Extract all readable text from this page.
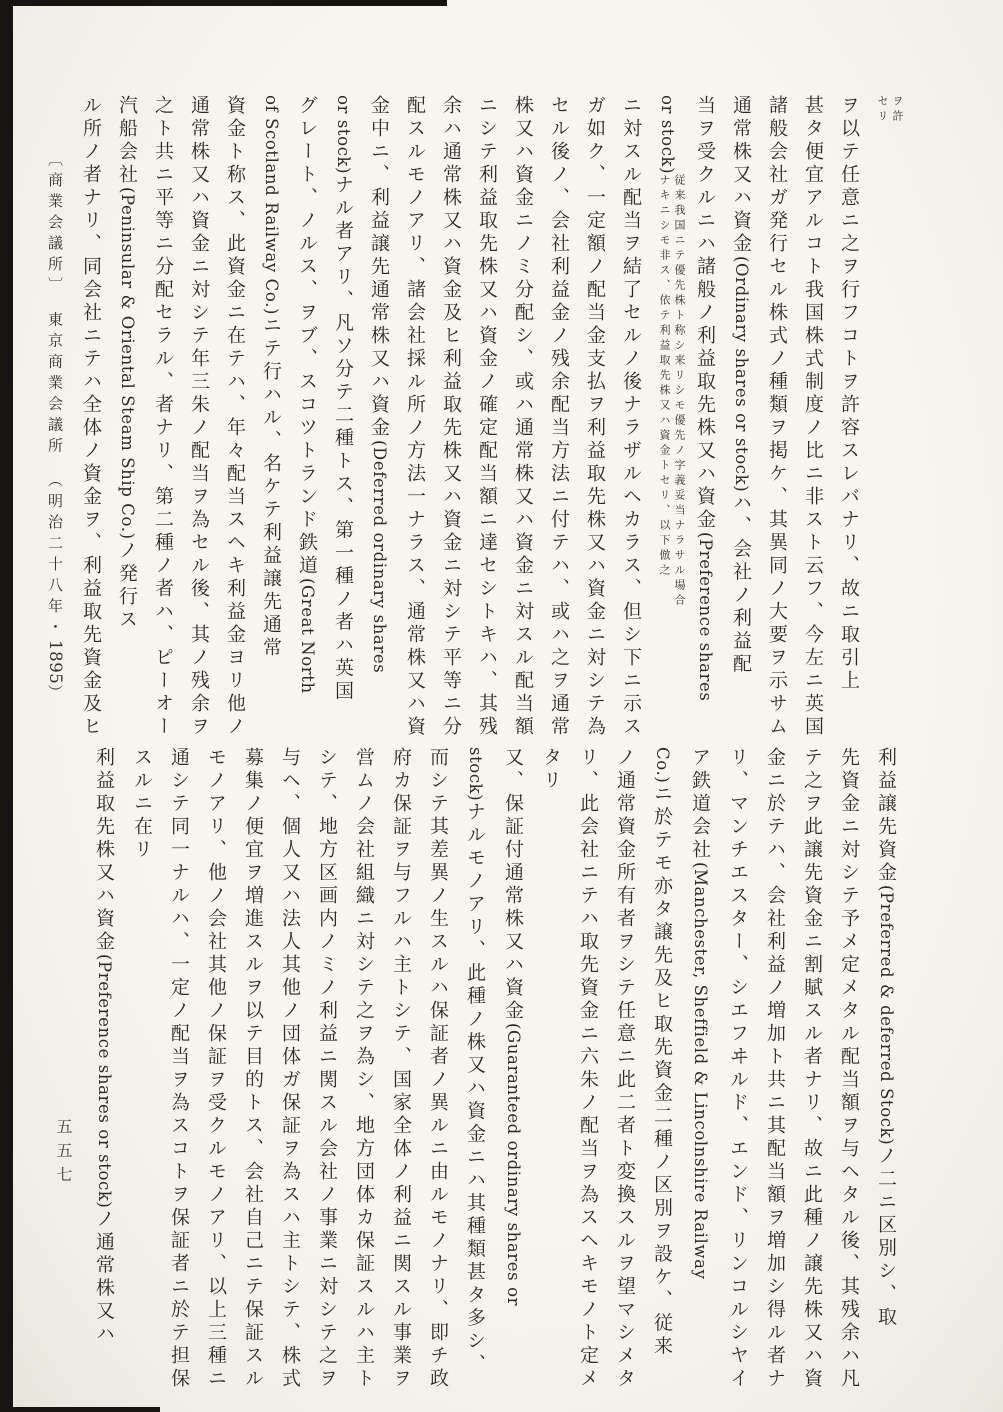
ヲ許セリ

ヲ以テ任意ニ之ヲ行フコトヲ許容スレバナリ、故ニ取引上

甚タ便宜アルコト我国株式制度ノ比ニ非スト云フ、今左ニ英国

諸般会社ガ発行セル株式ノ種類ヲ掲ケ、其異同ノ大要ヲ示サム

通常株又ハ資金(Ordinary shares or stock)ハ、会社ノ利益配

当ヲ受クルニハ諸般ノ利益取先株又ハ資金(Preference shares

or stock)従来我国ニテ優先株ト称シ来リシモ優先ノ字義妥当ナラサル場合ナキニシモ非ス、依テ利益取先株又ハ資金トセリ、以下倣之

ニ対スル配当ヲ結了セルノ後ナラザルヘカラス、但シ下ニ示ス

ガ如ク、一定額ノ配当金支払ヲ利益取先株又ハ資金ニ対シテ為

セル後ノ、会社利益金ノ残余配当方法ニ付テハ、或ハ之ヲ通常

株又ハ資金ニノミ分配シ、或ハ通常株又ハ資金ニ対スル配当額

ニシテ利益取先株又ハ資金ノ確定配当額ニ達セシトキハ、其残

余ハ通常株又ハ資金及ヒ利益取先株又ハ資金ニ対シテ平等ニ分

配スルモノアリ、諸会社採ル所ノ方法一ナラス、通常株又ハ資

金中ニ、利益譲先通常株又ハ資金(Deferred ordinary shares

or stock)ナル者アリ、凡ソ分テ二種トス、第一種ノ者ハ英国

グレート、ノルス、ヲブ、スコツトランド鉄道(Great North

of Scotland Railway Co.)ニテ行ハル、名ケテ利益譲先通常

資金ト称ス、此資金ニ在テハ、年々配当スヘキ利益金ヨリ他ノ

通常株又ハ資金ニ対シテ年三朱ノ配当ヲ為セル後、其ノ残余ヲ

之ト共ニ平等ニ分配セラル、者ナリ、第二種ノ者ハ、ピーオー

汽船会社(Peninsular & Oriental Steam Ship Co.)ノ発行ス

ル所ノ者ナリ、同会社ニテハ全体ノ資金ヲ、利益取先資金及ヒ

〔商業会議所〕　東京商業会議所　（明治二十八年・1895）

利益譲先資金(Preferred & deferred Stock)ノ二ニ区別シ、取

先資金ニ対シテ予メ定メタル配当額ヲ与ヘタル後、其残余ハ凡

テ之ヲ此譲先資金ニ割賦スル者ナリ、故ニ此種ノ譲先株又ハ資

金ニ於テハ、会社利益ノ増加ト共ニ其配当額ヲ増加シ得ル者ナ

リ、マンチエスター、シエフヰルド、エンド、リンコルシヤイ

ア鉄道会社(Manchester, Sheffield & Lincolnshire Railway

Co.)ニ於テモ亦タ譲先及ヒ取先資金二種ノ区別ヲ設ケ、従来

ノ通常資金所有者ヲシテ任意ニ此二者ト変換スルヲ望マシメタ

リ、此会社ニテハ取先資金ニ六朱ノ配当ヲ為スヘキモノト定メ

タリ

又、保証付通常株又ハ資金(Guaranteed ordinary shares or

stock)ナルモノアリ、此種ノ株又ハ資金ニハ其種類甚タ多シ、

而シテ其差異ノ生スルハ保証者ノ異ルニ由ルモノナリ、即チ政

府カ保証ヲ与フルハ主トシテ、国家全体ノ利益ニ関スル事業ヲ

営ムノ会社組織ニ対シテ之ヲ為シ、地方団体カ保証スルハ主ト

シテ、地方区画内ノミノ利益ニ関スル会社ノ事業ニ対シテ之ヲ

与ヘ、個人又ハ法人其他ノ団体ガ保証ヲ為スハ主トシテ、株式

募集ノ便宜ヲ増進スルヲ以テ目的トス、会社自己ニテ保証スル

モノアリ、他ノ会社其他ノ保証ヲ受クルモノアリ、以上三種ニ

通シテ同一ナルハ、一定ノ配当ヲ為スコトヲ保証者ニ於テ担保

スルニ在リ

利益取先株又ハ資金(Preference shares or stock)ノ通常株又ハ

五五七
